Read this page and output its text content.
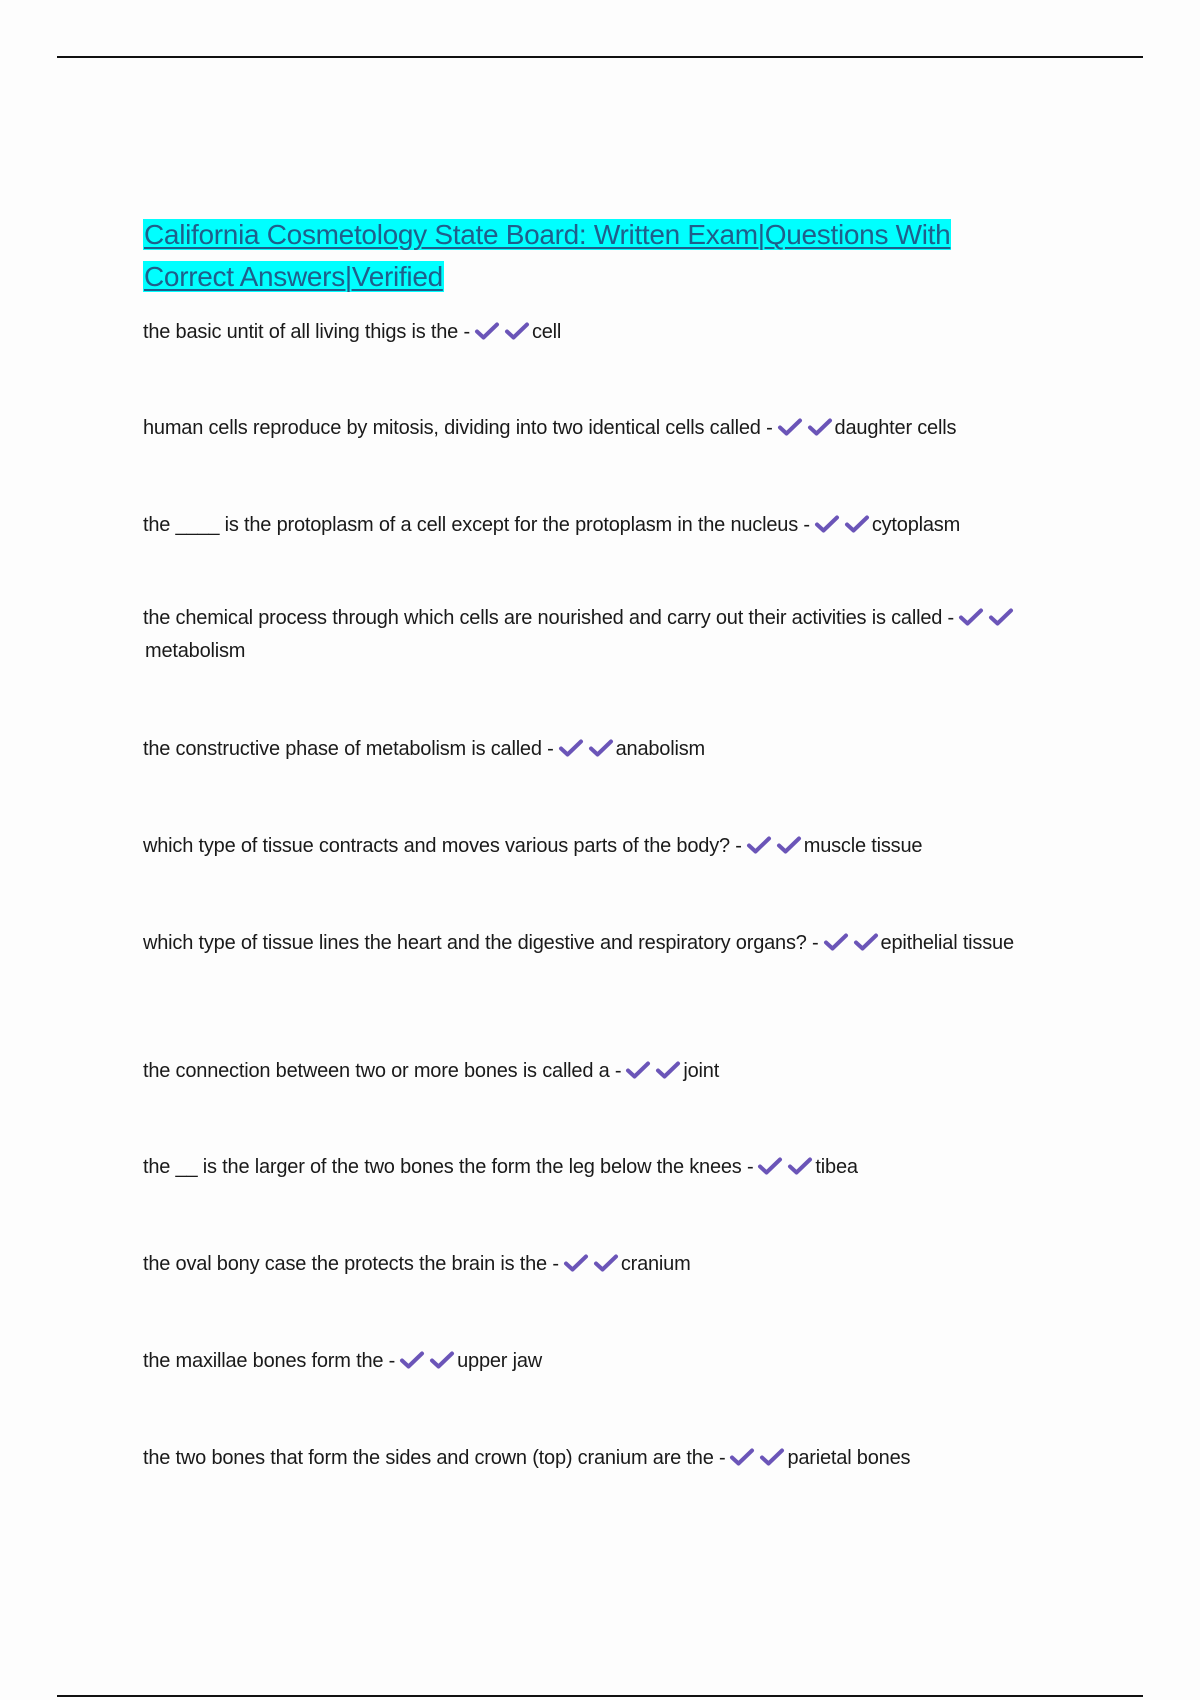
California Cosmetology State Board: Written Exam|Questions With Correct Answers|Verified
the basic untit of all living thigs is the -	cell
human cells reproduce by mitosis, dividing into two identical cells called -	daughter cells
the ____ is the protoplasm of a cell except for the protoplasm in the nucleus -	cytoplasm
the chemical process through which cells are nourished and carry out their activities is called -
metabolism
the constructive phase of metabolism is called -	anabolism
which type of tissue contracts and moves various parts of the body? -	muscle tissue
which type of tissue lines the heart and the digestive and respiratory organs? -	epithelial tissue
the connection between two or more bones is called a -	joint
the __ is the larger of the two bones the form the leg below the knees -	tibea
the oval bony case the protects the brain is the -	cranium
the maxillae bones form the -	upper jaw
the two bones that form the sides and crown (top) cranium are the -	parietal bones
